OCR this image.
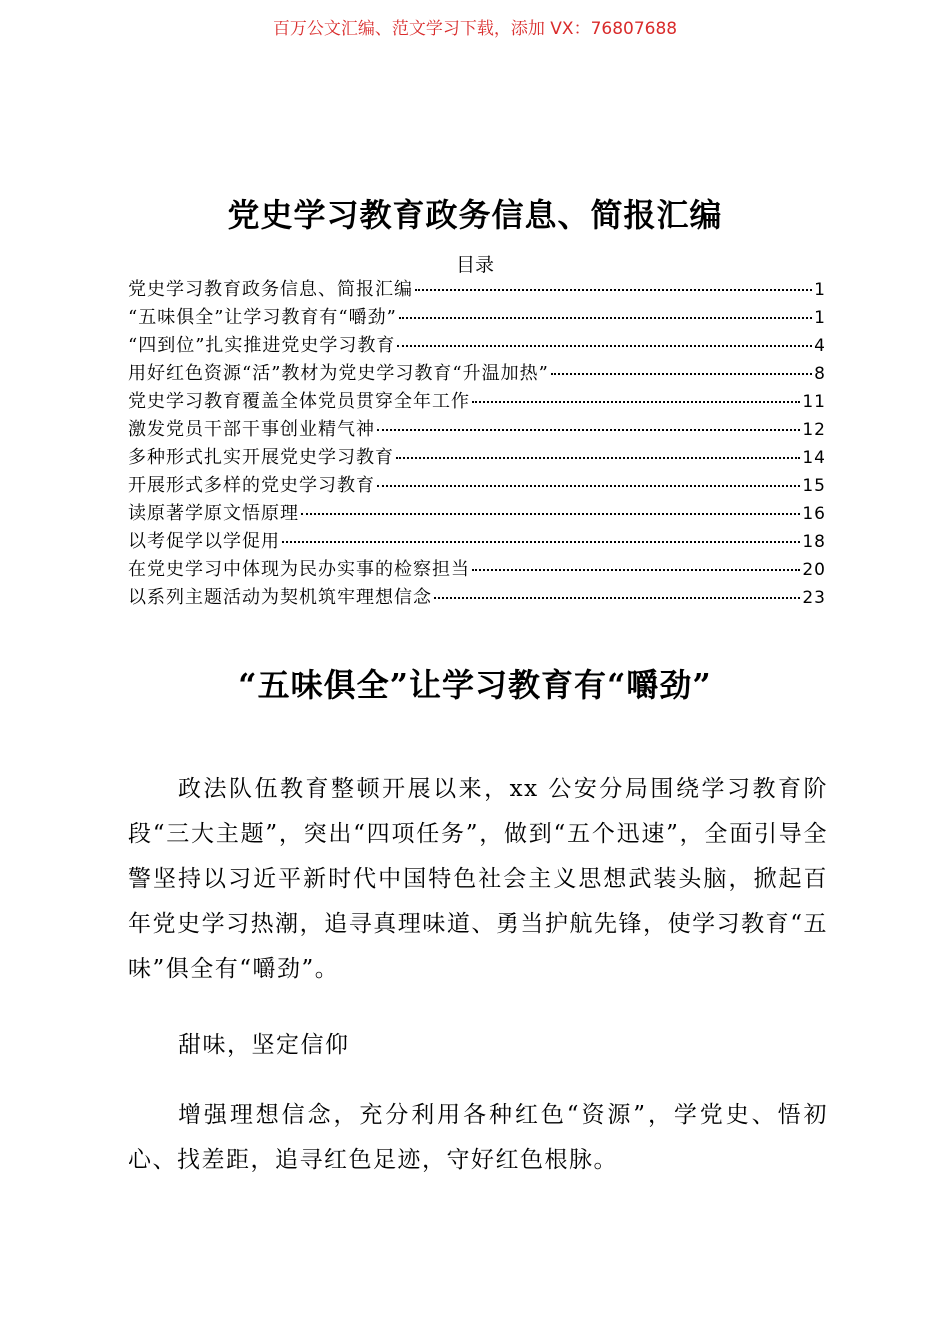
百万公文汇编、范文学习下载，添加 VX：76807688
党史学习教育政务信息、简报汇编
目录
党史学习教育政务信息、简报汇编	1
“五味俱全”让学习教育有“嚼劲”	1
“四到位”扎实推进党史学习教育	4
用好红色资源“活”教材为党史学习教育“升温加热”	8
党史学习教育覆盖全体党员贯穿全年工作	11
激发党员干部干事创业精气神	12
多种形式扎实开展党史学习教育	14
开展形式多样的党史学习教育	15
读原著学原文悟原理	16
以考促学以学促用	18
在党史学习中体现为民办实事的检察担当	20
以系列主题活动为契机筑牢理想信念	23
“五味俱全”让学习教育有“嚼劲”

政法队伍教育整顿开展以来，xx 公安分局围绕学习教育阶段“三大主题”，突出“四项任务”，做到“五个迅速”，全面引导全警坚持以习近平新时代中国特色社会主义思想武装头脑，掀起百年党史学习热潮，追寻真理味道、勇当护航先锋，使学习教育“五味”俱全有“嚼劲”。

甜味，坚定信仰

增强理想信念，充分利用各种红色“资源”，学党史、悟初心、找差距，追寻红色足迹，守好红色根脉。
